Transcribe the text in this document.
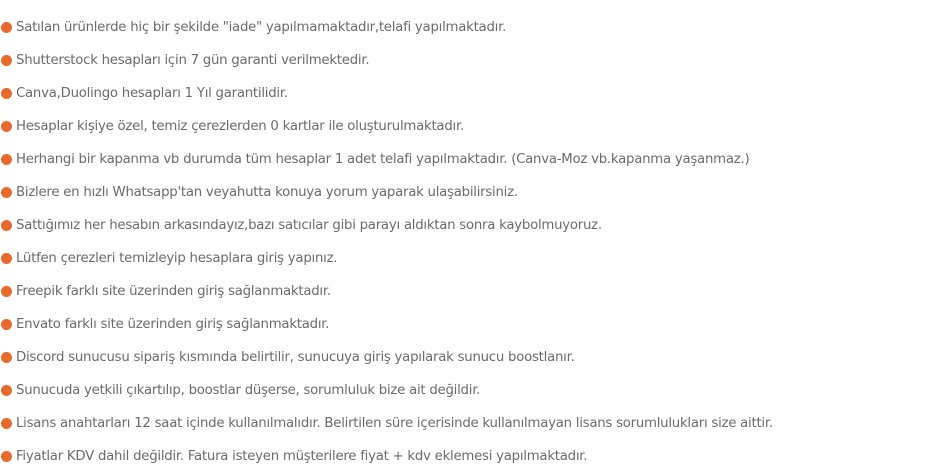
Satılan ürünlerde hiç bir şekilde "iade" yapılmamaktadır,telafi yapılmaktadır.
Shutterstock hesapları için 7 gün garanti verilmektedir.
Canva,Duolingo hesapları 1 Yıl garantilidir.
Hesaplar kişiye özel, temiz çerezlerden 0 kartlar ile oluşturulmaktadır.
Herhangi bir kapanma vb durumda tüm hesaplar 1 adet telafi yapılmaktadır. (Canva-Moz vb.kapanma yaşanmaz.)
Bizlere en hızlı Whatsapp'tan veyahutta konuya yorum yaparak ulaşabilirsiniz.
Sattığımız her hesabın arkasındayız,bazı satıcılar gibi parayı aldıktan sonra kaybolmuyoruz.
Lütfen çerezleri temizleyip hesaplara giriş yapınız.
Freepik farklı site üzerinden giriş sağlanmaktadır.
Envato farklı site üzerinden giriş sağlanmaktadır.
Discord sunucusu sipariş kısmında belirtilir, sunucuya giriş yapılarak sunucu boostlanır.
Sunucuda yetkili çıkartılıp, boostlar düşerse, sorumluluk bize ait değildir.
Lisans anahtarları 12 saat içinde kullanılmalıdır. Belirtilen süre içerisinde kullanılmayan lisans sorumlulukları size aittir.
Fiyatlar KDV dahil değildir. Fatura isteyen müşterilere fiyat + kdv eklemesi yapılmaktadır.
